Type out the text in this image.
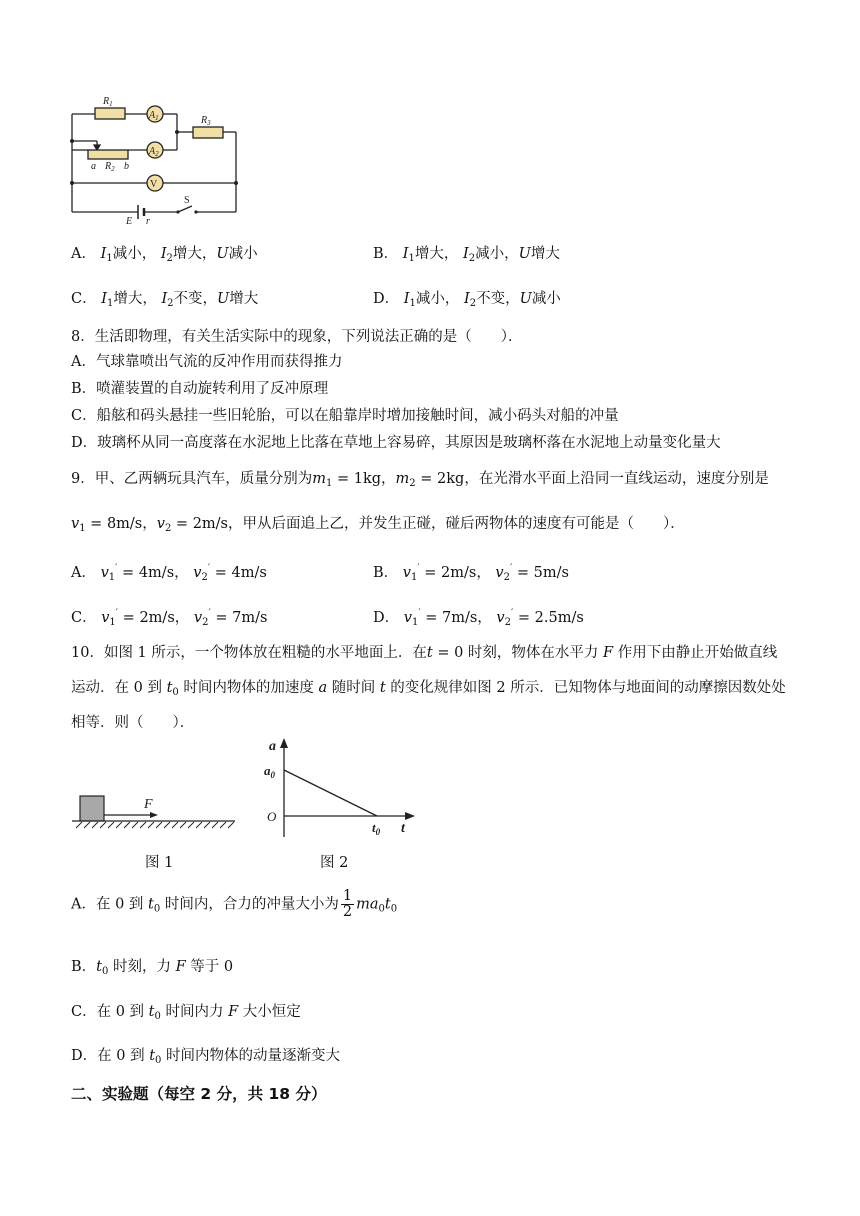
$R_1$
$A_1$
$A_2$
$R_3$
a $R_2$ b
V
E r
S
A． $I_1$减小， $I_2$增大，U减小	B． $I_1$增大， $I_2$减小，U增大
C． $I_1$增大， $I_2$不变，U增大	D． $I_1$减小， $I_2$不变，U减小
8．生活即物理，有关生活实际中的现象，下列说法正确的是（　　）．
A．气球靠喷出气流的反冲作用而获得推力
B．喷灌装置的自动旋转利用了反冲原理
C．船舷和码头悬挂一些旧轮胎，可以在船靠岸时增加接触时间，减小码头对船的冲量
D．玻璃杯从同一高度落在水泥地上比落在草地上容易碎，其原因是玻璃杯落在水泥地上动量变化量大
9．甲、乙两辆玩具汽车，质量分别为$m_1 = 1kg$，$m_2 = 2kg$，在光滑水平面上沿同一直线运动，速度分别是
$v_1 = 8m/s$，$v_2 = 2m/s$，甲从后面追上乙，并发生正碰，碰后两物体的速度有可能是（　　）．
A． $v_1' = 4m/s$， $v_2' = 4m/s$	B． $v_1' = 2m/s$， $v_2' = 5m/s$
C． $v_1' = 2m/s$， $v_2' = 7m/s$	D． $v_1' = 7m/s$， $v_2' = 2.5m/s$
10．如图 1 所示，一个物体放在粗糙的水平地面上．在t = 0 时刻，物体在水平力 F 作用下由静止开始做直线
运动．在 0 到 $t_0$ 时间内物体的加速度 a 随时间 t 的变化规律如图 2 所示．已知物体与地面间的动摩擦因数处处
相等．则（　　）．
F
图 1
a
$a_0$
O
$t_0$ t
图 2
A．在 0 到 $t_0$ 时间内，合力的冲量大小为 $\frac{1}{2} ma_0t_0$
B．$t_0$ 时刻，力 F 等于 0
C．在 0 到 $t_0$ 时间内力 F 大小恒定
D．在 0 到 $t_0$ 时间内物体的动量逐渐变大
二、实验题（每空 2 分，共 18 分）
